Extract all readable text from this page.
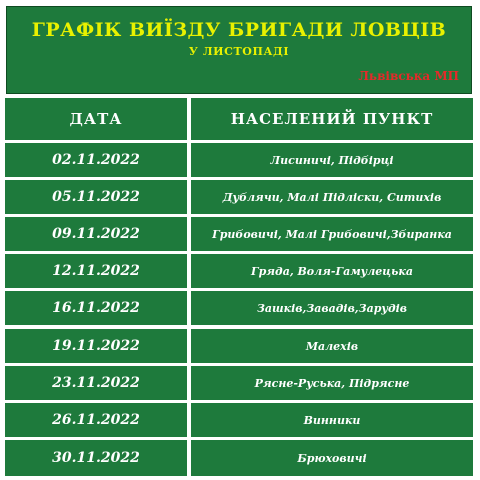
ГРАФІК ВИЇЗДУ БРИГАДИ ЛОВЦІВ
У ЛИСТОПАДІ
Львівська МП
ДАТА	НАСЕЛЕНИЙ ПУНКТ
02.11.2022	Лисиничі, Підбірці
05.11.2022	Дублячи, Малі Підліски, Ситихів
09.11.2022	Грибовичі, Малі Грибовичі,Збиранка
12.11.2022	Гряда, Воля-Гамулецька
16.11.2022	Зашків,Завадів,Зарудів
19.11.2022	Малехів
23.11.2022	Рясне-Руська, Підрясне
26.11.2022	Винники
30.11.2022	Брюховичі
